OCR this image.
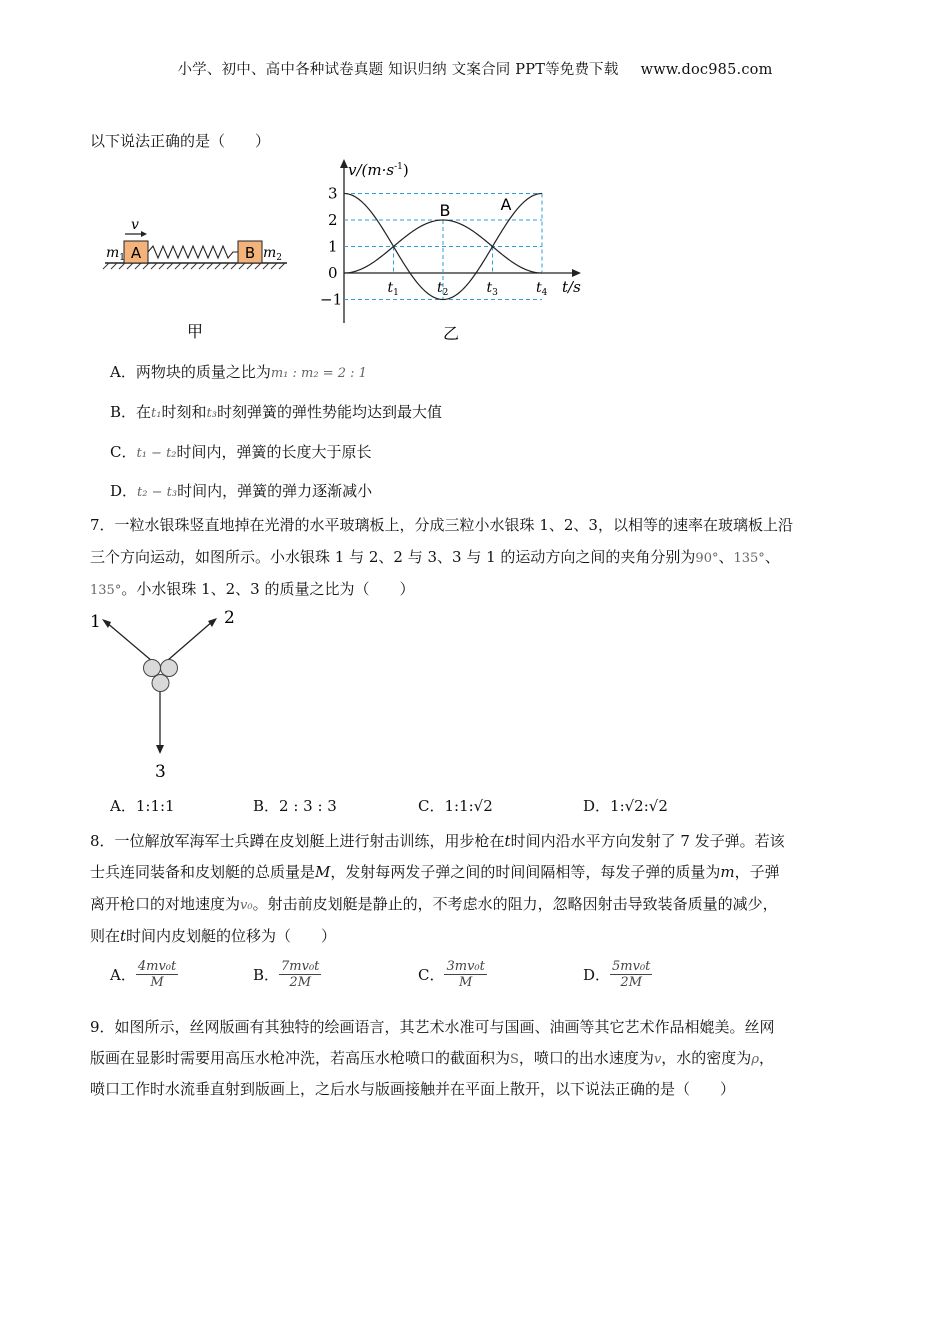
小学、初中、高中各种试卷真题 知识归纳 文案合同 PPT等免费下载 www.doc985.com
以下说法正确的是（　　）
A	B
$m_1$	$m_2$
v
甲
3
2
1
0
−1
$t_1$	$t_2$	$t_3$	$t_4$
$v/(m\cdot s^{-1})$
t/s
B	A
乙
A．两物块的质量之比为m₁ : m₂ = 2 : 1
B．在t₁时刻和t₃时刻弹簧的弹性势能均达到最大值
C．t₁ − t₂时间内，弹簧的长度大于原长
D．t₂ − t₃时间内，弹簧的弹力逐渐减小
7．一粒水银珠竖直地掉在光滑的水平玻璃板上，分成三粒小水银珠 1、2、3，以相等的速率在玻璃板上沿
三个方向运动，如图所示。小水银珠 1 与 2、2 与 3、3 与 1 的运动方向之间的夹角分别为90°、135°、
135°。小水银珠 1、2、3 的质量之比为（　　）
1	2
3
A．1:1:1	B．2 : 3 : 3	C．1:1:√2	D．1:√2:√2
8．一位解放军海军士兵蹲在皮划艇上进行射击训练，用步枪在t时间内沿水平方向发射了 7 发子弹。若该
士兵连同装备和皮划艇的总质量是M，发射每两发子弹之间的时间间隔相等，每发子弹的质量为m，子弹
离开枪口的对地速度为v₀。射击前皮划艇是静止的，不考虑水的阻力，忽略因射击导致装备质量的减少，
则在t时间内皮划艇的位移为（　　）
A． $\frac{\text{4mv₀t}}{M}$	B． $\frac{\text{7mv₀t}}{2M}$	C． $\frac{\text{3mv₀t}}{M}$	D． $\frac{\text{5mv₀t}}{2M}$
9．如图所示，丝网版画有其独特的绘画语言，其艺术水准可与国画、油画等其它艺术作品相媲美。丝网
版画在显影时需要用高压水枪冲洗，若高压水枪喷口的截面积为S，喷口的出水速度为v，水的密度为ρ，
喷口工作时水流垂直射到版画上，之后水与版画接触并在平面上散开，以下说法正确的是（　　）
